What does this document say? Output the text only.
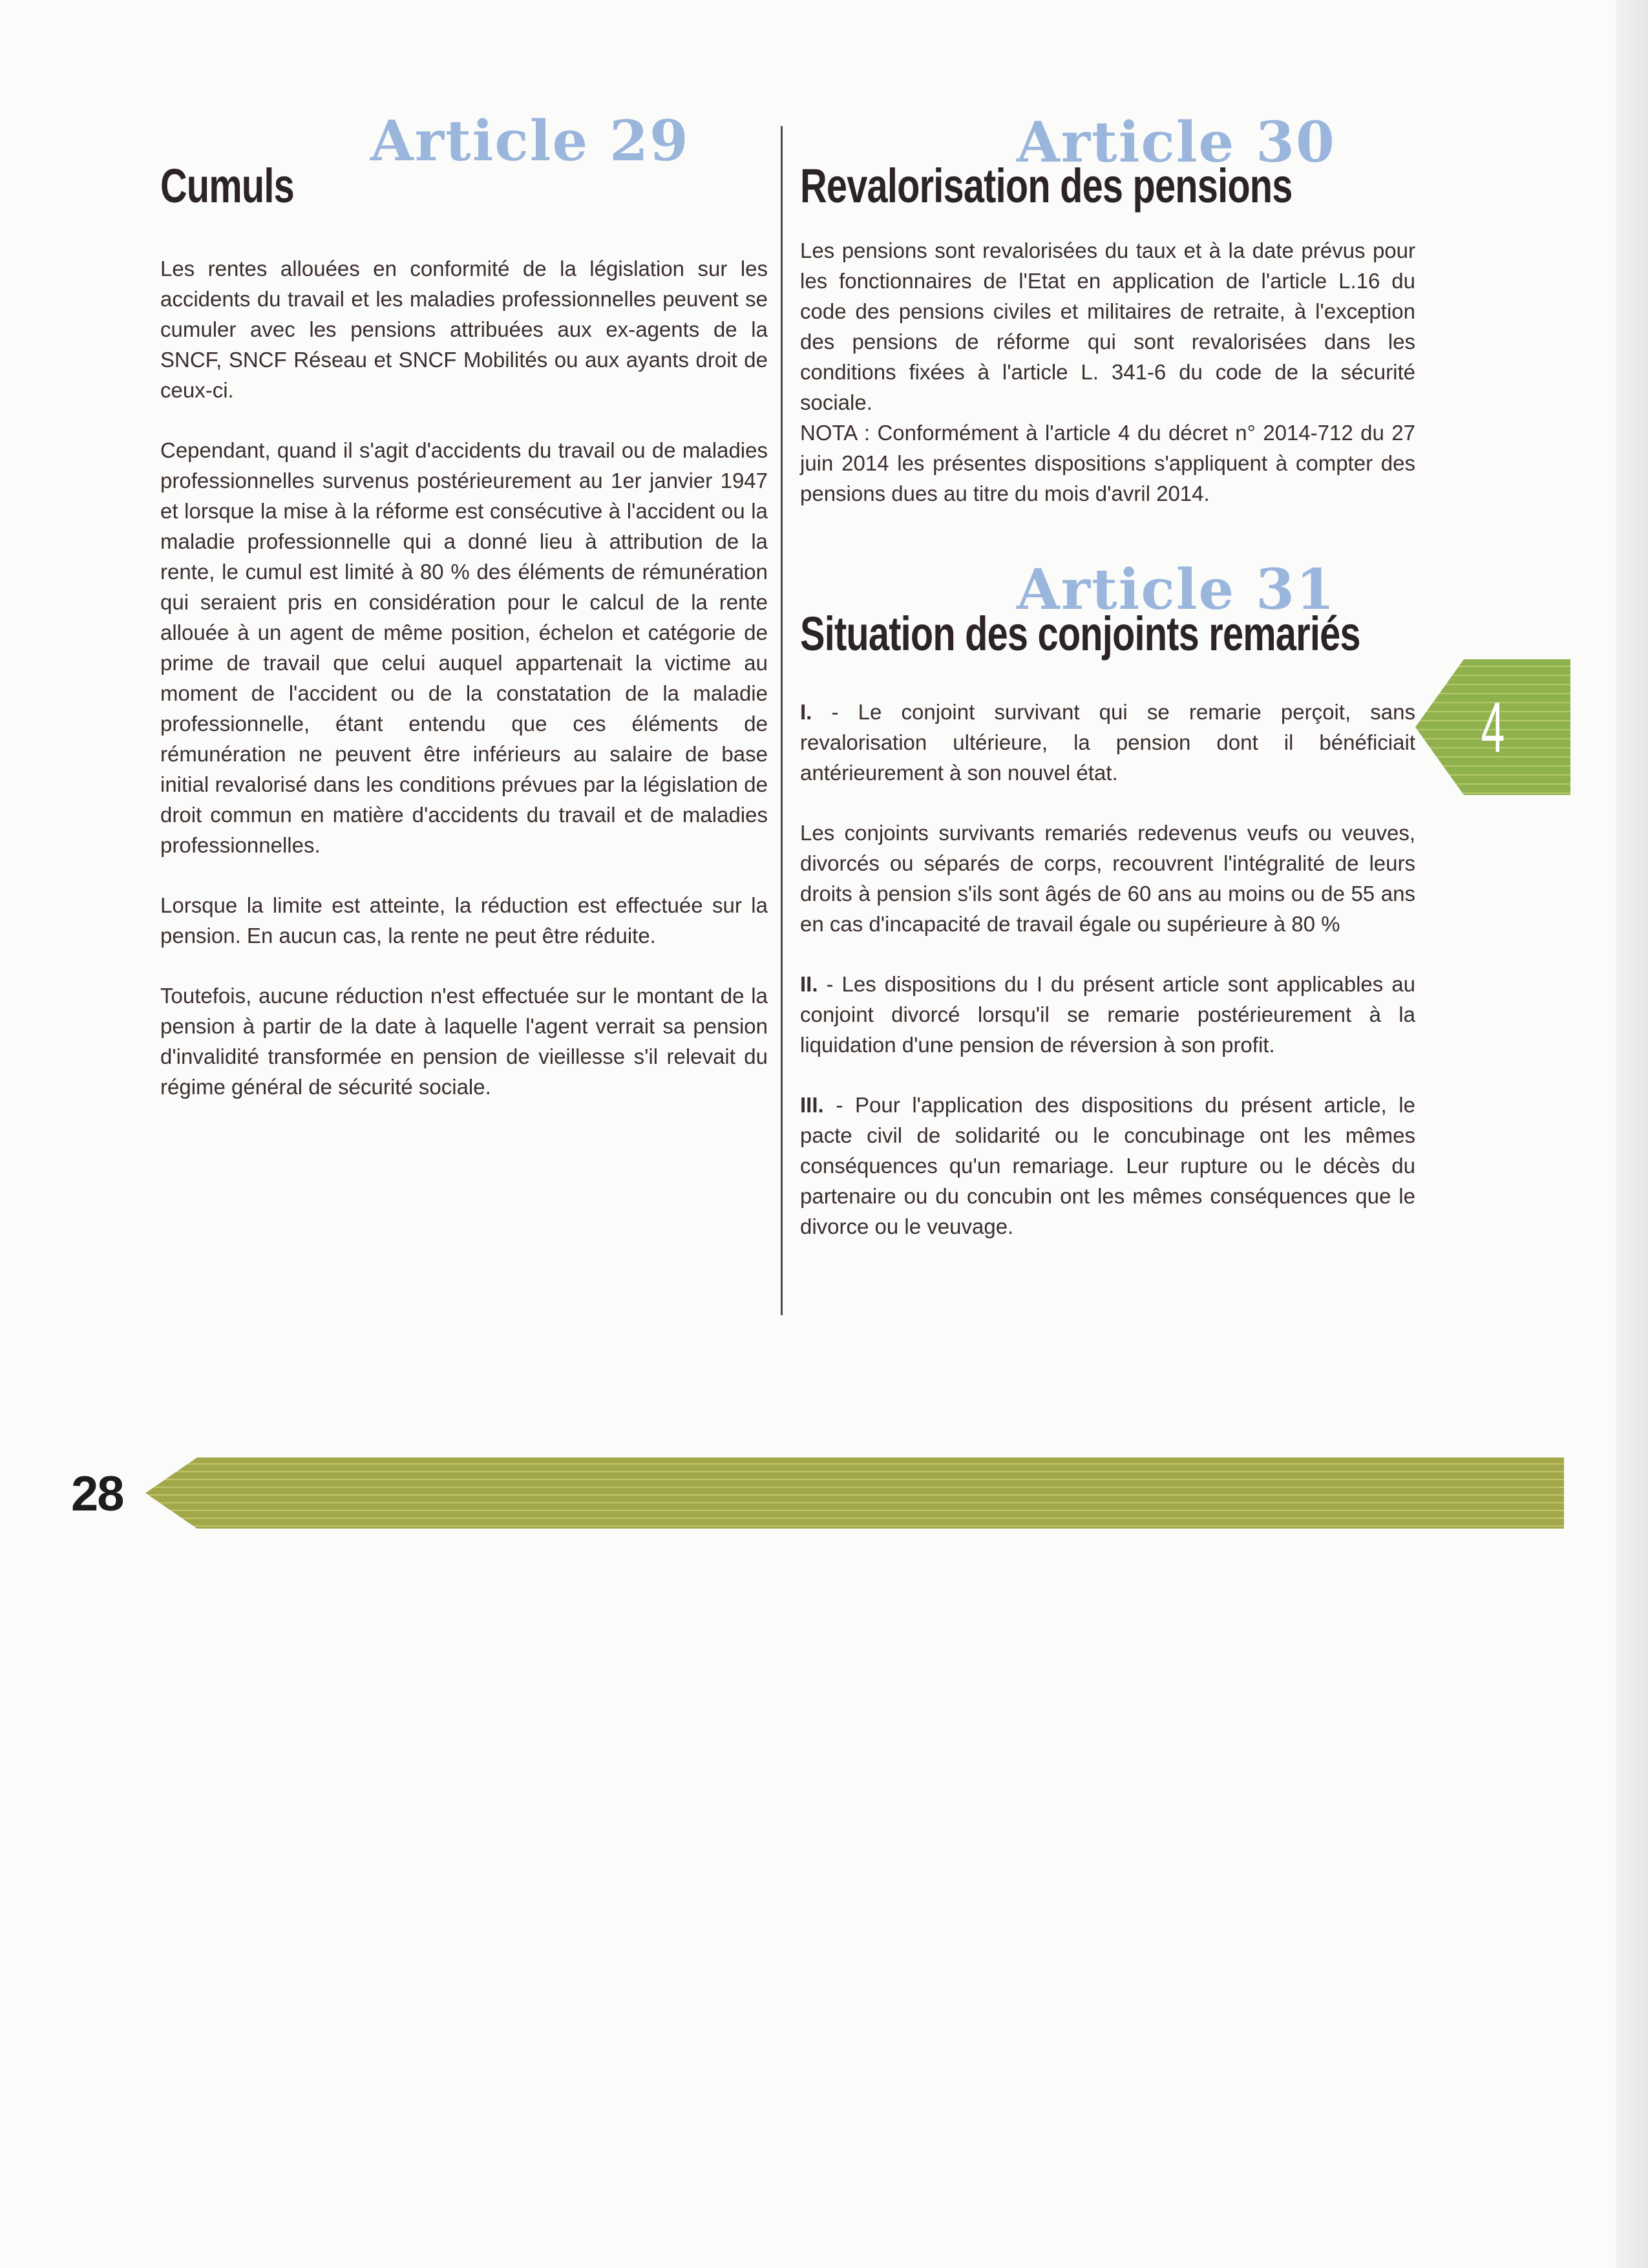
Article 29
Cumuls

Les rentes allouées en conformité de la législation sur les accidents du travail et les maladies professionnelles peuvent se cumuler avec les pensions attribuées aux ex-agents de la SNCF, SNCF Réseau et SNCF Mobilités ou aux ayants droit de ceux-ci.

Cependant, quand il s'agit d'accidents du travail ou de maladies professionnelles survenus postérieurement au 1er janvier 1947 et lorsque la mise à la réforme est consécutive à l'accident ou la maladie professionnelle qui a donné lieu à attribution de la rente, le cumul est limité à 80 % des éléments de rémunération qui seraient pris en considération pour le calcul de la rente allouée à un agent de même position, échelon et catégorie de prime de travail que celui auquel appartenait la victime au moment de l'accident ou de la constatation de la maladie professionnelle, étant entendu que ces éléments de rémunération ne peuvent être inférieurs au salaire de base initial revalorisé dans les conditions prévues par la législation de droit commun en matière d'accidents du travail et de maladies professionnelles.

Lorsque la limite est atteinte, la réduction est effectuée sur la pension. En aucun cas, la rente ne peut être réduite.

Toutefois, aucune réduction n'est effectuée sur le montant de la pension à partir de la date à laquelle l'agent verrait sa pension d'invalidité transformée en pension de vieillesse s'il relevait du régime général de sécurité sociale.

Article 30
Revalorisation des pensions

Les pensions sont revalorisées du taux et à la date prévus pour les fonctionnaires de l'Etat en application de l'article L.16 du code des pensions civiles et militaires de retraite, à l'exception des pensions de réforme qui sont revalorisées dans les conditions fixées à l'article L. 341-6 du code de la sécurité sociale.

NOTA : Conformément à l'article 4 du décret n° 2014-712 du 27 juin 2014 les présentes dispositions s'appliquent à compter des pensions dues au titre du mois d'avril 2014.

Article 31
Situation des conjoints remariés

I. - Le conjoint survivant qui se remarie perçoit, sans revalorisation ultérieure, la pension dont il bénéficiait antérieurement à son nouvel état.

Les conjoints survivants remariés redevenus veufs ou veuves, divorcés ou séparés de corps, recouvrent l'intégralité de leurs droits à pension s'ils sont âgés de 60 ans au moins ou de 55 ans en cas d'incapacité de travail égale ou supérieure à 80 %

II. - Les dispositions du I du présent article sont applicables au conjoint divorcé lorsqu'il se remarie postérieurement à la liquidation d'une pension de réversion à son profit.

III. - Pour l'application des dispositions du présent article, le pacte civil de solidarité ou le concubinage ont les mêmes conséquences qu'un remariage. Leur rupture ou le décès du partenaire ou du concubin ont les mêmes conséquences que le divorce ou le veuvage.

4
28
